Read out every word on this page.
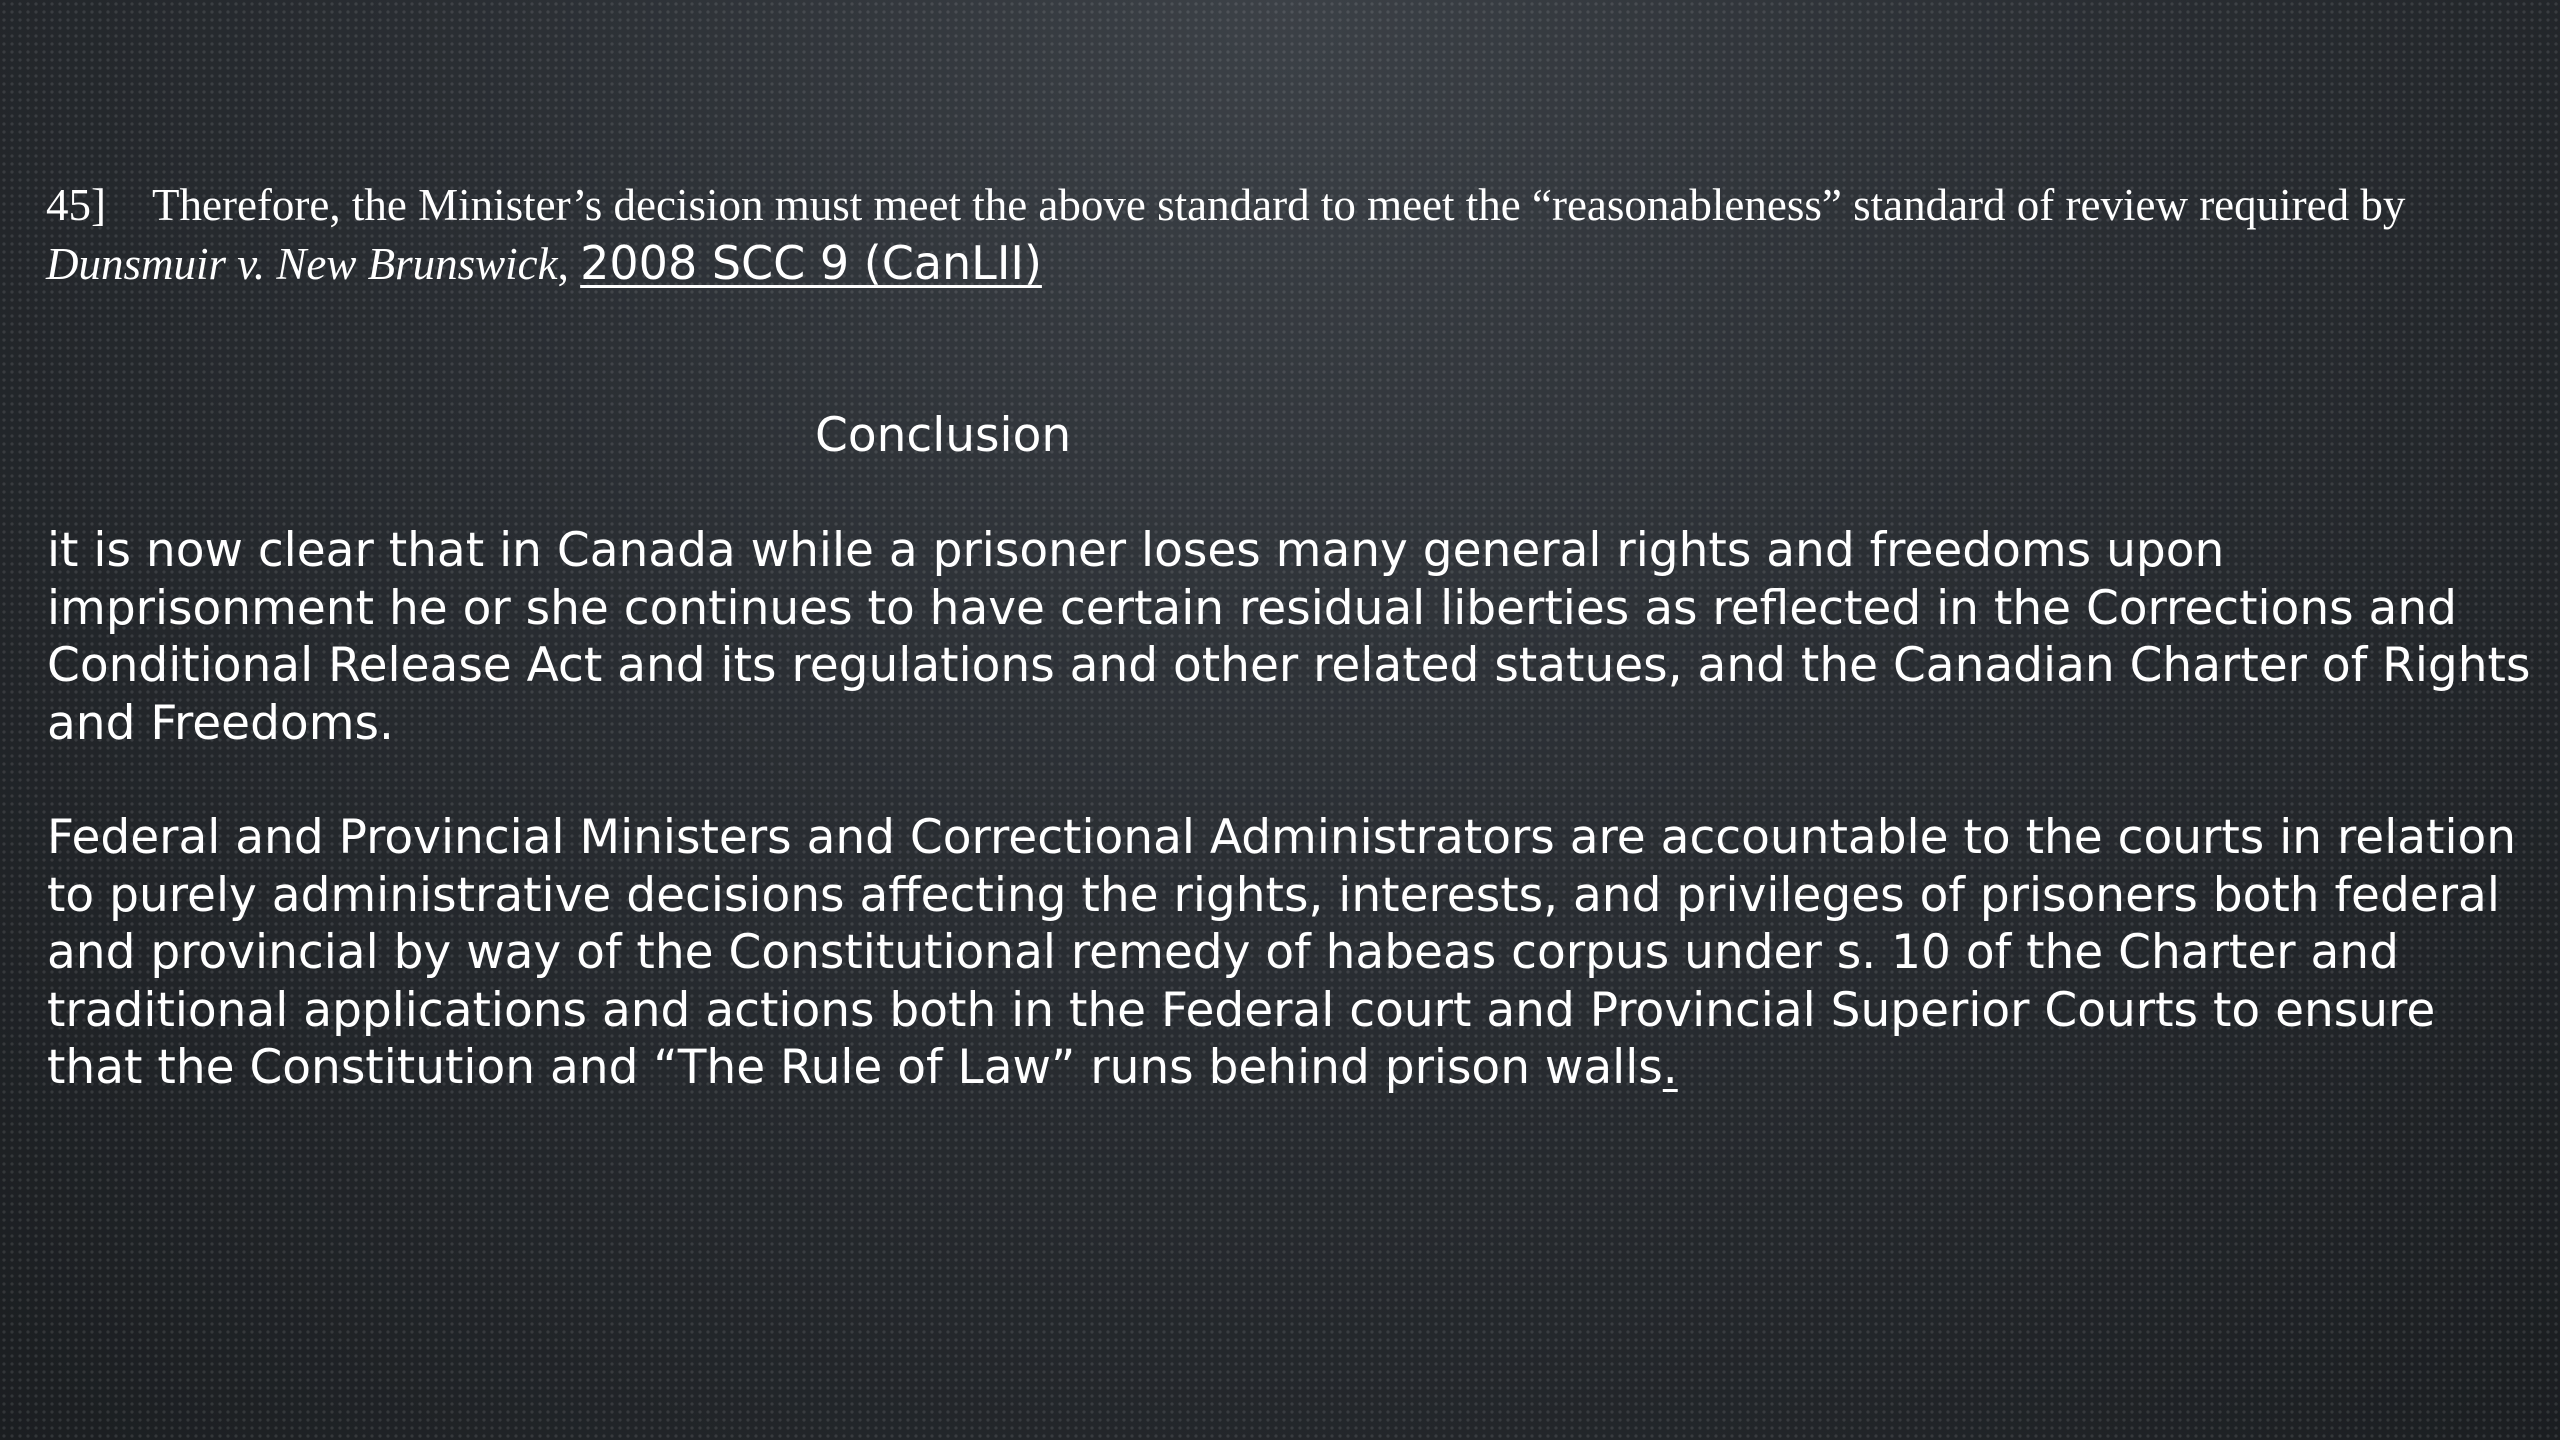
45] Therefore, the Minister’s decision must meet the above standard to meet the “reasonableness” standard of review required by Dunsmuir v. New Brunswick, 2008 SCC 9 (CanLII)
Conclusion
it is now clear that in Canada while a prisoner loses many general rights and freedoms upon imprisonment he or she continues to have certain residual liberties as reflected in the Corrections and Conditional Release Act and its regulations and other related statues, and the Canadian Charter of Rights and Freedoms.
Federal and Provincial Ministers and Correctional Administrators are accountable to the courts in relation to purely administrative decisions affecting the rights, interests, and privileges of prisoners both federal and provincial by way of the Constitutional remedy of habeas corpus under s. 10 of the Charter and traditional applications and actions both in the Federal court and Provincial Superior Courts to ensure that the Constitution and “The Rule of Law” runs behind prison walls.
